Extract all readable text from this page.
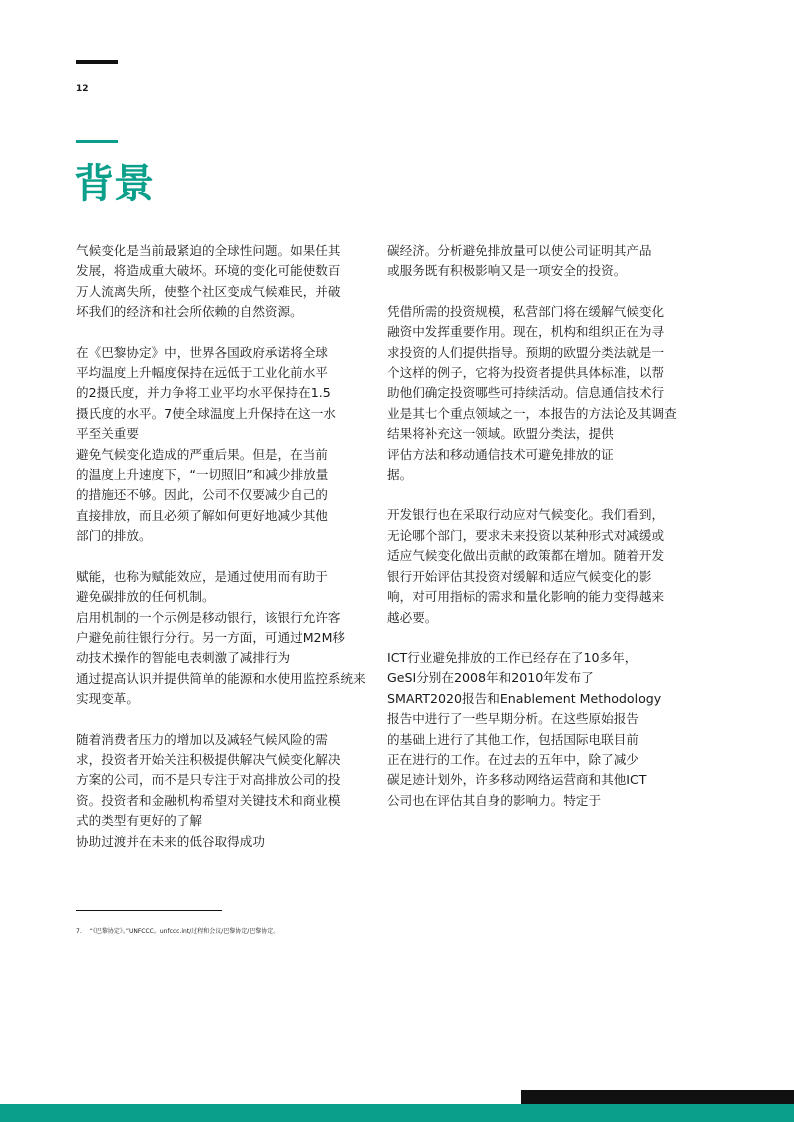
12
背景

气候变化是当前最紧迫的全球性问题。如果任其
发展，将造成重大破坏。环境的变化可能使数百
万人流离失所，使整个社区变成气候难民，并破
坏我们的经济和社会所依赖的自然资源。

在《巴黎协定》中，世界各国政府承诺将全球
平均温度上升幅度保持在远低于工业化前水平
的2摄氏度，并力争将工业平均水平保持在1.5
摄氏度的水平。7使全球温度上升保持在这一水
平至关重要
避免气候变化造成的严重后果。但是，在当前
的温度上升速度下，“一切照旧”和减少排放量
的措施还不够。因此，公司不仅要减少自己的
直接排放，而且必须了解如何更好地减少其他
部门的排放。

赋能，也称为赋能效应，是通过使用而有助于
避免碳排放的任何机制。
启用机制的一个示例是移动银行，该银行允许客
户避免前往银行分行。另一方面，可通过M2M移
动技术操作的智能电表刺激了减排行为
通过提高认识并提供简单的能源和水使用监控系统来
实现变革。

随着消费者压力的增加以及减轻气候风险的需
求，投资者开始关注积极提供解决气候变化解决
方案的公司，而不是只专注于对高排放公司的投
资。投资者和金融机构希望对关键技术和商业模
式的类型有更好的了解
协助过渡并在未来的低谷取得成功

碳经济。分析避免排放量可以使公司证明其产品
或服务既有积极影响又是一项安全的投资。

凭借所需的投资规模，私营部门将在缓解气候变化
融资中发挥重要作用。现在，机构和组织正在为寻
求投资的人们提供指导。预期的欧盟分类法就是一
个这样的例子，它将为投资者提供具体标准，以帮
助他们确定投资哪些可持续活动。信息通信技术行
业是其七个重点领域之一，本报告的方法论及其调查
结果将补充这一领域。欧盟分类法，提供
评估方法和移动通信技术可避免排放的证
据。

开发银行也在采取行动应对气候变化。我们看到，
无论哪个部门，要求未来投资以某种形式对减缓或
适应气候变化做出贡献的政策都在增加。随着开发
银行开始评估其投资对缓解和适应气候变化的影
响，对可用指标的需求和量化影响的能力变得越来
越必要。

ICT行业避免排放的工作已经存在了10多年，
GeSI分别在2008年和2010年发布了
SMART2020报告和Enablement Methodology
报告中进行了一些早期分析。在这些原始报告
的基础上进行了其他工作，包括国际电联目前
正在进行的工作。在过去的五年中，除了减少
碳足迹计划外，许多移动网络运营商和其他ICT
公司也在评估其自身的影响力。特定于

7. “《巴黎协定》。”UNFCCC。unfccc.int/过程和会议/巴黎协定/巴黎协定。
